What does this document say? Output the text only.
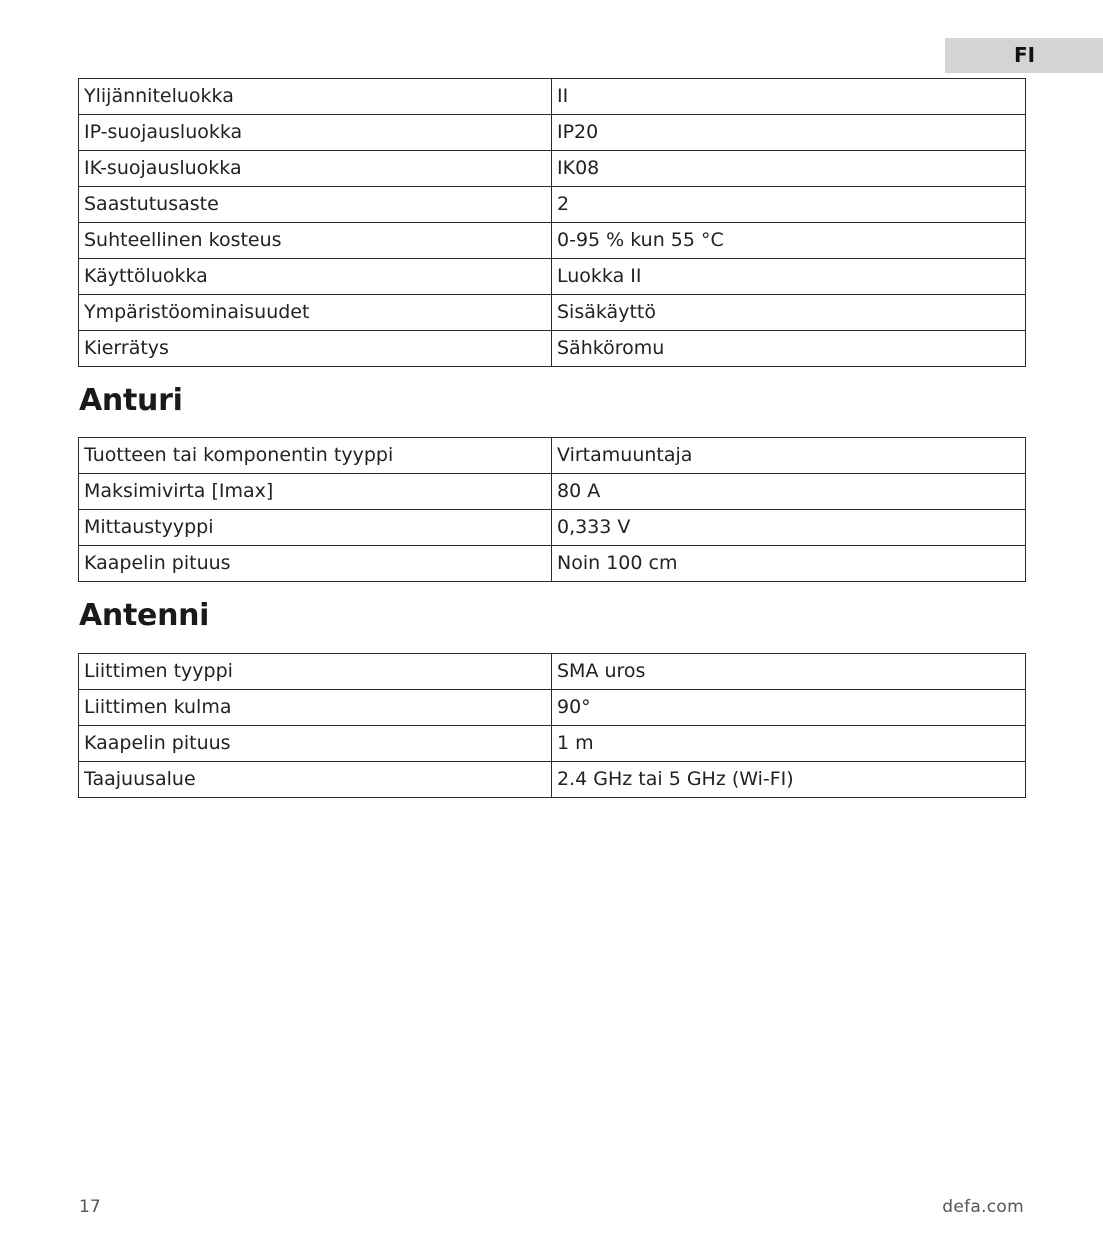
FI
Ylijänniteluokka	II
IP-suojausluokka	IP20
IK-suojausluokka	IK08
Saastutusaste	2
Suhteellinen kosteus	0-95 % kun 55 °C
Käyttöluokka	Luokka II
Ympäristöominaisuudet	Sisäkäyttö
Kierrätys	Sähköromu
Anturi
Tuotteen tai komponentin tyyppi	Virtamuuntaja
Maksimivirta [Imax]	80 A
Mittaustyyppi	0,333 V
Kaapelin pituus	Noin 100 cm
Antenni
Liittimen tyyppi	SMA uros
Liittimen kulma	90°
Kaapelin pituus	1 m
Taajuusalue	2.4 GHz tai 5 GHz (Wi-FI)
17	defa.com
